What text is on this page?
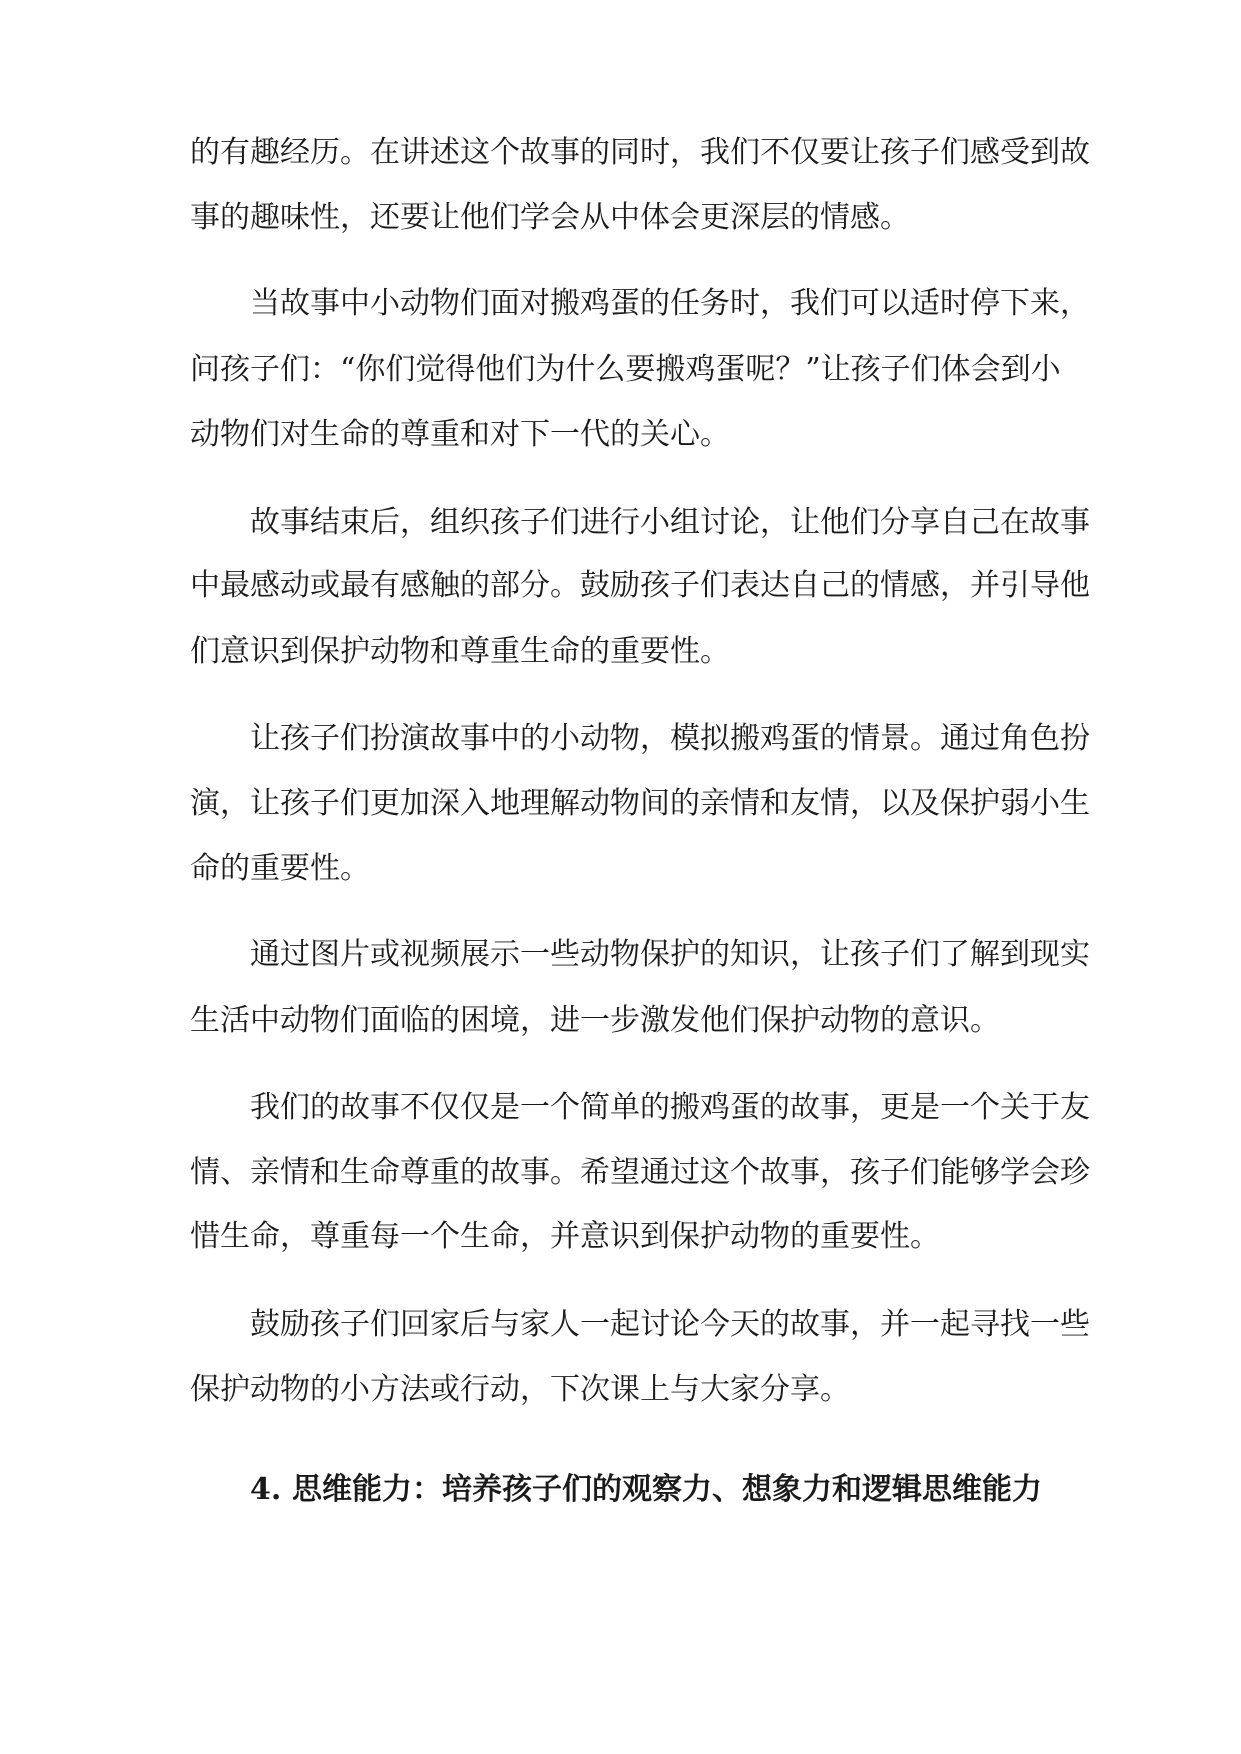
的有趣经历。在讲述这个故事的同时，我们不仅要让孩子们感受到故
事的趣味性，还要让他们学会从中体会更深层的情感。
当故事中小动物们面对搬鸡蛋的任务时，我们可以适时停下来，
问孩子们：“你们觉得他们为什么要搬鸡蛋呢？”让孩子们体会到小
动物们对生命的尊重和对下一代的关心。
故事结束后，组织孩子们进行小组讨论，让他们分享自己在故事
中最感动或最有感触的部分。鼓励孩子们表达自己的情感，并引导他
们意识到保护动物和尊重生命的重要性。
让孩子们扮演故事中的小动物，模拟搬鸡蛋的情景。通过角色扮
演，让孩子们更加深入地理解动物间的亲情和友情，以及保护弱小生
命的重要性。
通过图片或视频展示一些动物保护的知识，让孩子们了解到现实
生活中动物们面临的困境，进一步激发他们保护动物的意识。
我们的故事不仅仅是一个简单的搬鸡蛋的故事，更是一个关于友
情、亲情和生命尊重的故事。希望通过这个故事，孩子们能够学会珍
惜生命，尊重每一个生命，并意识到保护动物的重要性。
鼓励孩子们回家后与家人一起讨论今天的故事，并一起寻找一些
保护动物的小方法或行动，下次课上与大家分享。
4. 思维能力：培养孩子们的观察力、想象力和逻辑思维能力
